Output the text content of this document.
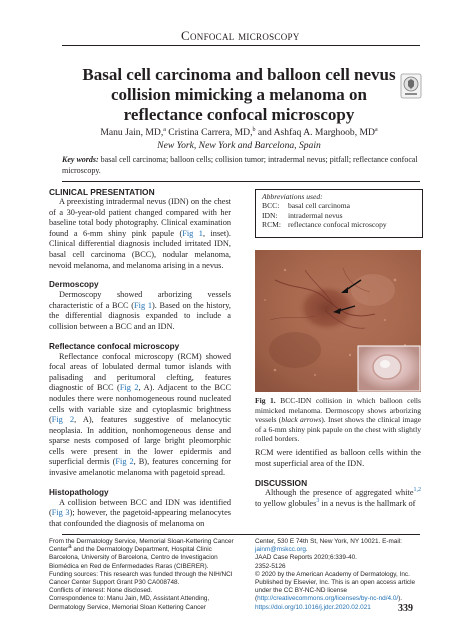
Confocal microscopy
Basal cell carcinoma and balloon cell nevus
collision mimicking a melanoma on
reflectance confocal microscopy
Manu Jain, MD,$^a$ Cristina Carrera, MD,$^b$ and Ashfaq A. Marghoob, $MD^a$
New York, New York and Barcelona, Spain
Key words: basal cell carcinoma; balloon cells; collision tumor; intradermal nevus; pitfall; reflectance confocal microscopy.
CLINICAL PRESENTATION

A preexisting intradermal nevus (IDN) on the chest of a 30-year-old patient changed compared with her baseline total body photography. Clinical examination found a 6-mm shiny pink papule (Fig 1, inset). Clinical differential diagnosis included irritated IDN, basal cell carcinoma (BCC), nodular melanoma, nevoid melanoma, and melanoma arising in a nevus.

Dermoscopy

Dermoscopy showed arborizing vessels characteristic of a BCC (Fig 1). Based on the history, the differential diagnosis expanded to include a collision between a BCC and an IDN.

Reflectance confocal microscopy

Reflectance confocal microscopy (RCM) showed focal areas of lobulated dermal tumor islands with palisading and peritumoral clefting, features diagnostic of BCC (Fig 2, A). Adjacent to the BCC nodules there were nonhomogeneous round nucleated cells with variable size and cytoplasmic brightness (Fig 2, A), features suggestive of melanocytic neoplasia. In addition, nonhomogeneous dense and sparse nests composed of large bright pleomorphic cells were present in the lower epidermis and superficial dermis (Fig 2, B), features concerning for invasive amelanotic melanoma with pagetoid spread.

Histopathology

A collision between BCC and IDN was identified (Fig 3); however, the pagetoid-appearing melanocytes that confounded the diagnosis of melanoma on

Abbreviations used:
BCC: basal cell carcinoma
IDN: intradermal nevus
RCM: reflectance confocal microscopy
Fig 1. BCC-IDN collision in which balloon cells mimicked melanoma. Dermoscopy shows arborizing vessels (black arrows). Inset shows the clinical image of a 6-mm shiny pink papule on the chest with slightly rolled borders.

RCM were identified as balloon cells within the most superficial area of the IDN.

DISCUSSION

Although the presence of aggregated white$^{1,2}$ to yellow globules$^3$ in a nevus is the hallmark of

From the Dermatology Service, Memorial Sloan-Kettering Cancer Center$^a$ and the Dermatology Department, Hospital Clinic Barcelona, University of Barcelona, Centro de Investigacion Biomédica en Red de Enfermedades Raras (CIBERER).

Funding sources: This research was funded through the NIH/NCI Cancer Center Support Grant P30 CA008748.

Conflicts of interest: None disclosed.

Correspondence to: Manu Jain, MD, Assistant Attending, Dermatology Service, Memorial Sloan Kettering Cancer

Center, 530 E 74th St, New York, NY 10021. E-mail: jainm@mskcc.org.

JAAD Case Reports 2020;6:339-40.

2352-5126

© 2020 by the American Academy of Dermatology, Inc. Published by Elsevier, Inc. This is an open access article under the CC BY-NC-ND license (http://creativecommons.org/licenses/by-nc-nd/4.0/).

https://doi.org/10.1016/j.jdcr.2020.02.021	339
